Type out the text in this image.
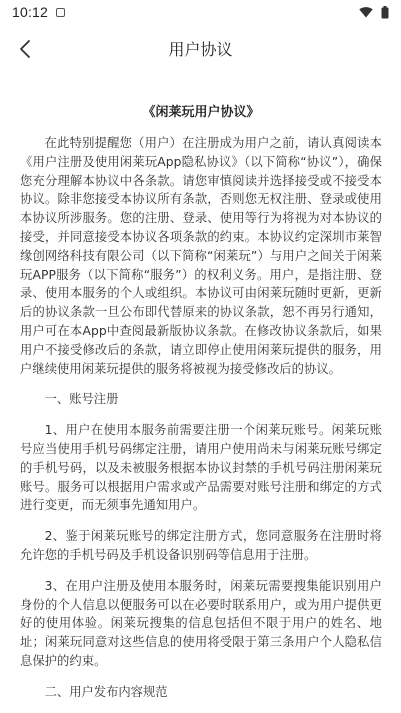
10:12
用户协议
《闲莱玩用户协议》

在此特别提醒您（用户）在注册成为用户之前，请认真阅读本《用户注册及使用闲莱玩App隐私协议》（以下简称“协议”），确保您充分理解本协议中各条款。请您审慎阅读并选择接受或不接受本协议。除非您接受本协议所有条款，否则您无权注册、登录或使用本协议所涉服务。您的注册、登录、使用等行为将视为对本协议的接受，并同意接受本协议各项条款的约束。本协议约定深圳市莱智缘创网络科技有限公司（以下简称“闲莱玩”）与用户之间关于闲莱玩APP服务（以下简称“服务”）的权利义务。用户，是指注册、登录、使用本服务的个人或组织。本协议可由闲莱玩随时更新，更新后的协议条款一旦公布即代替原来的协议条款，恕不再另行通知，用户可在本App中查阅最新版协议条款。在修改协议条款后，如果用户不接受修改后的条款，请立即停止使用闲莱玩提供的服务，用户继续使用闲莱玩提供的服务将被视为接受修改后的协议。

一、账号注册

1、用户在使用本服务前需要注册一个闲莱玩账号。闲莱玩账号应当使用手机号码绑定注册，请用户使用尚未与闲莱玩账号绑定的手机号码，以及未被服务根据本协议封禁的手机号码注册闲莱玩账号。服务可以根据用户需求或产品需要对账号注册和绑定的方式进行变更，而无须事先通知用户。

2、鉴于闲莱玩账号的绑定注册方式，您同意服务在注册时将允许您的手机号码及手机设备识别码等信息用于注册。

3、在用户注册及使用本服务时，闲莱玩需要搜集能识别用户身份的个人信息以便服务可以在必要时联系用户，或为用户提供更好的使用体验。闲莱玩搜集的信息包括但不限于用户的姓名、地址；闲莱玩同意对这些信息的使用将受限于第三条用户个人隐私信息保护的约束。

二、用户发布内容规范
